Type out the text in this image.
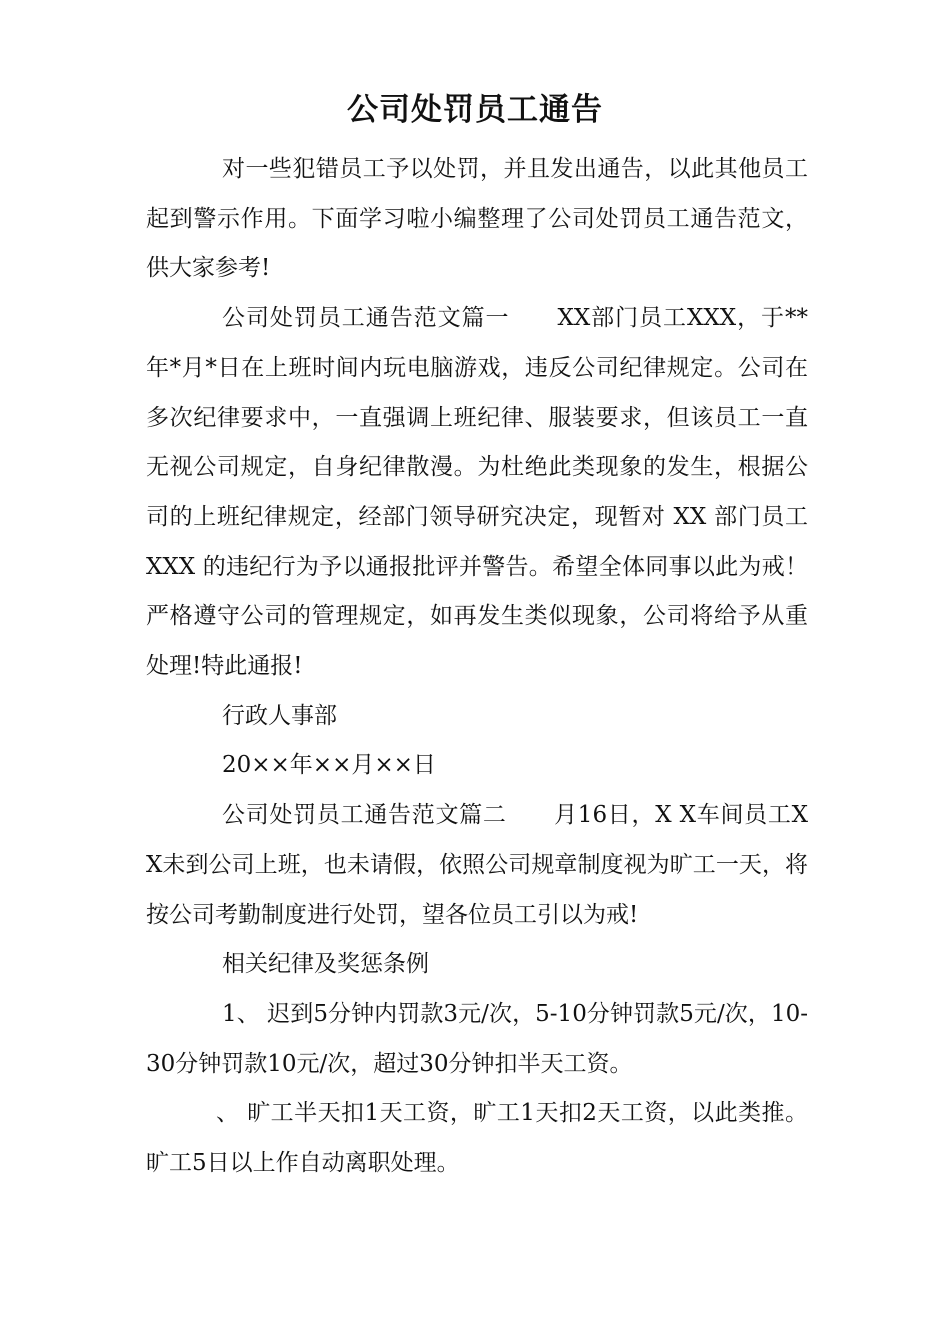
公司处罚员工通告

对一些犯错员工予以处罚，并且发出通告，以此其他员工起到警示作用。下面学习啦小编整理了公司处罚员工通告范文，供大家参考!

公司处罚员工通告范文篇一　　XX部门员工XXX，于**年*月*日在上班时间内玩电脑游戏，违反公司纪律规定。公司在多次纪律要求中，一直强调上班纪律、服装要求，但该员工一直无视公司规定，自身纪律散漫。为杜绝此类现象的发生，根据公司的上班纪律规定，经部门领导研究决定，现暂对 XX 部门员工 XXX 的违纪行为予以通报批评并警告。希望全体同事以此为戒！严格遵守公司的管理规定，如再发生类似现象，公司将给予从重处理!特此通报!

行政人事部

20××年××月××日

公司处罚员工通告范文篇二　　月16日，X X车间员工X X未到公司上班，也未请假，依照公司规章制度视为旷工一天，将按公司考勤制度进行处罚，望各位员工引以为戒!

相关纪律及奖惩条例

1、 迟到5分钟内罚款3元/次，5-10分钟罚款5元/次，10-30分钟罚款10元/次，超过30分钟扣半天工资。

、 旷工半天扣1天工资，旷工1天扣2天工资，以此类推。旷工5日以上作自动离职处理。
